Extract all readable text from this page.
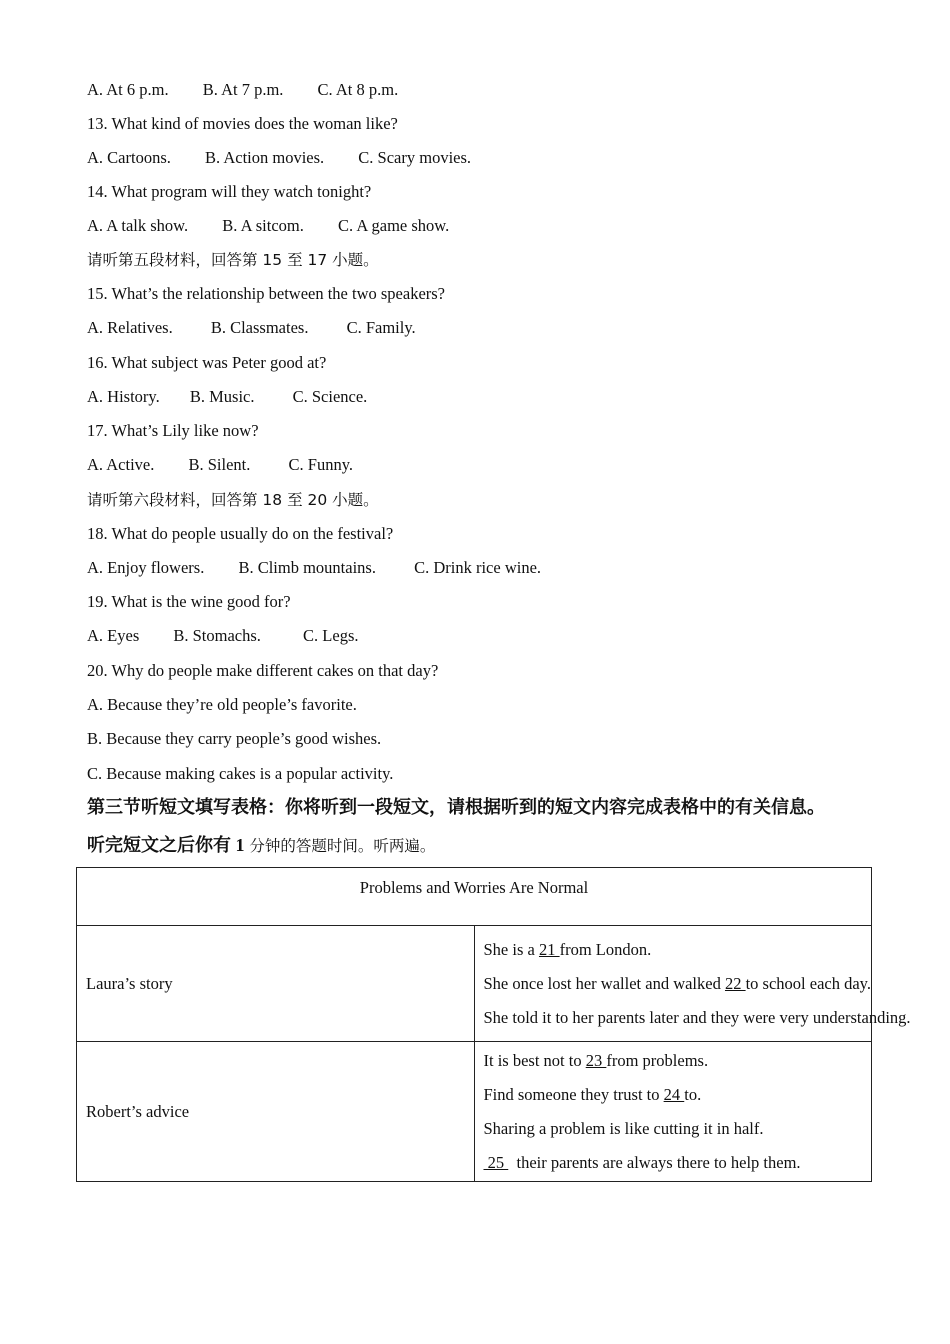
A. At 6 p.m. B. At 7 p.m. C. At 8 p.m.
13. What kind of movies does the woman like?
A. Cartoons. B. Action movies. C. Scary movies.
14. What program will they watch tonight?
A. A talk show. B. A sitcom. C. A game show.
请听第五段材料，回答第 15 至 17 小题。
15. What’s the relationship between the two speakers?
A. Relatives. B. Classmates. C. Family.
16. What subject was Peter good at?
A. History. B. Music. C. Science.
17. What’s Lily like now?
A. Active. B. Silent. C. Funny.
请听第六段材料，回答第 18 至 20 小题。
18. What do people usually do on the festival?
A. Enjoy flowers. B. Climb mountains. C. Drink rice wine.
19. What is the wine good for?
A. Eyes B. Stomachs.	C. Legs.
20. Why do people make different cakes on that day?
A. Because they’re old people’s favorite.
B. Because they carry people’s good wishes.
C. Because making cakes is a popular activity.
第三节听短文填写表格：你将听到一段短文，请根据听到的短文内容完成表格中的有关信息。
听完短文之后你有 1 分钟的答题时间。听两遍。
Problems and Worries Are Normal	
Laura’s story	She is a 21 from London.

She once lost her wallet and walked 22 to school each day.

She told it to her parents later and they were very understanding.

Robert’s advice	It is best not to 23 from problems.

Find someone they trust to 24 to.

Sharing a problem is like cutting it in half.

25   their parents are always there to help them.
